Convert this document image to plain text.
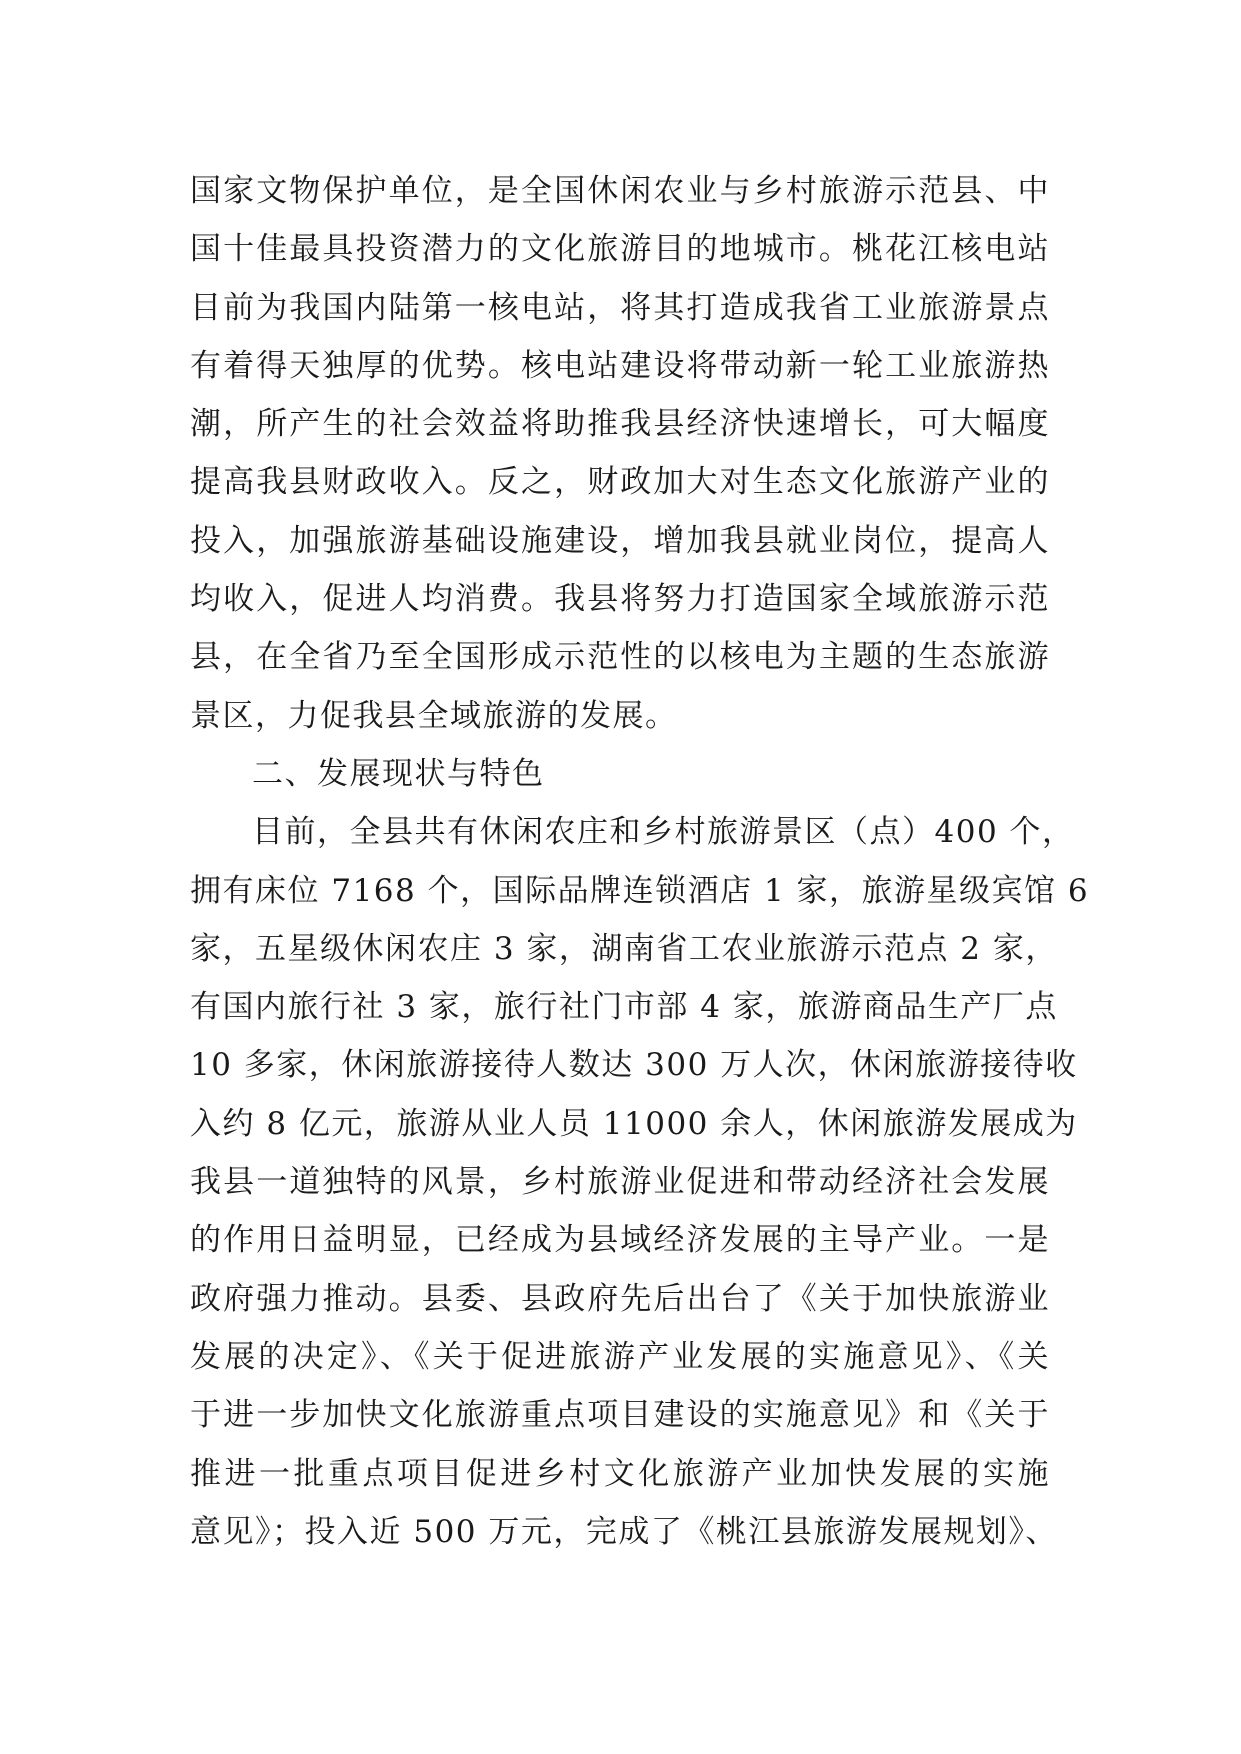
国家文物保护单位，是全国休闲农业与乡村旅游示范县、中
国十佳最具投资潜力的文化旅游目的地城市。桃花江核电站
目前为我国内陆第一核电站，将其打造成我省工业旅游景点
有着得天独厚的优势。核电站建设将带动新一轮工业旅游热
潮，所产生的社会效益将助推我县经济快速增长，可大幅度
提高我县财政收入。反之，财政加大对生态文化旅游产业的
投入，加强旅游基础设施建设，增加我县就业岗位，提高人
均收入，促进人均消费。我县将努力打造国家全域旅游示范
县，在全省乃至全国形成示范性的以核电为主题的生态旅游
景区，力促我县全域旅游的发展。
二、发展现状与特色
目前，全县共有休闲农庄和乡村旅游景区（点）400 个，
拥有床位 7168 个，国际品牌连锁酒店 1 家，旅游星级宾馆 6
家，五星级休闲农庄 3 家，湖南省工农业旅游示范点 2 家，
有国内旅行社 3 家，旅行社门市部 4 家，旅游商品生产厂点
10 多家，休闲旅游接待人数达 300 万人次，休闲旅游接待收
入约 8 亿元，旅游从业人员 11000 余人，休闲旅游发展成为
我县一道独特的风景，乡村旅游业促进和带动经济社会发展
的作用日益明显，已经成为县域经济发展的主导产业。一是
政府强力推动。县委、县政府先后出台了《关于加快旅游业
发展的决定》、《关于促进旅游产业发展的实施意见》、《关
于进一步加快文化旅游重点项目建设的实施意见》和《关于
推进一批重点项目促进乡村文化旅游产业加快发展的实施
意见》；投入近 500 万元，完成了《桃江县旅游发展规划》、
